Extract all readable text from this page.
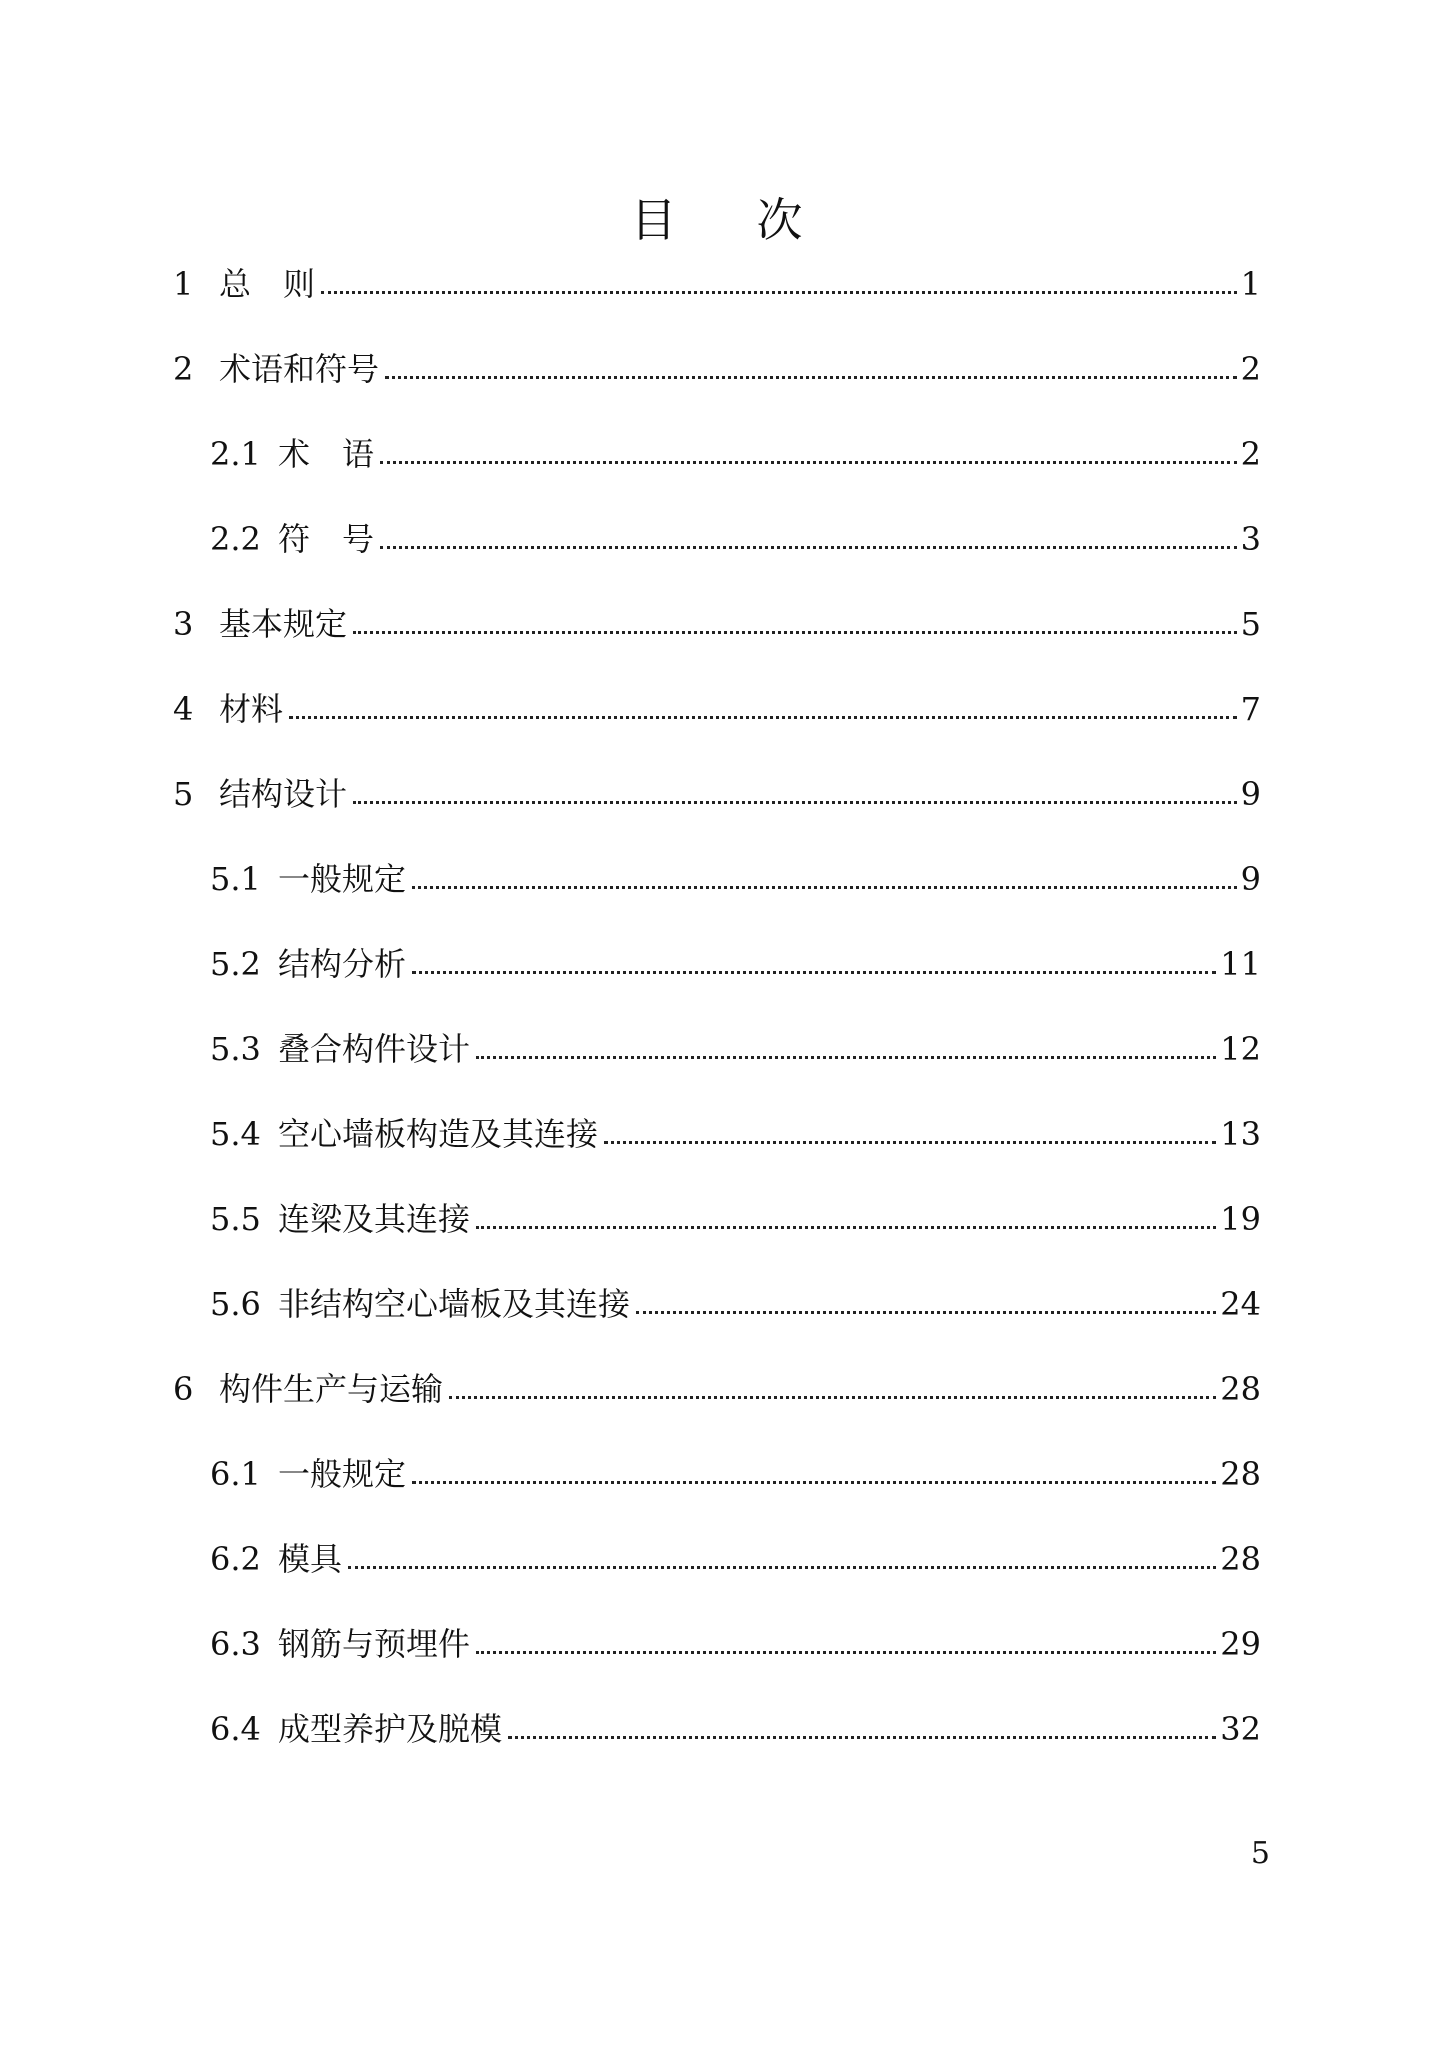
目 次
1 总　则	1
2 术语和符号	2
2.1 术　语	2
2.2 符　号	3
3 基本规定	5
4 材料	7
5 结构设计	9
5.1 一般规定	9
5.2 结构分析	11
5.3 叠合构件设计	12
5.4 空心墙板构造及其连接	13
5.5 连梁及其连接	19
5.6 非结构空心墙板及其连接	24
6 构件生产与运输	28
6.1 一般规定	28
6.2 模具	28
6.3 钢筋与预埋件	29
6.4 成型养护及脱模	32
5
